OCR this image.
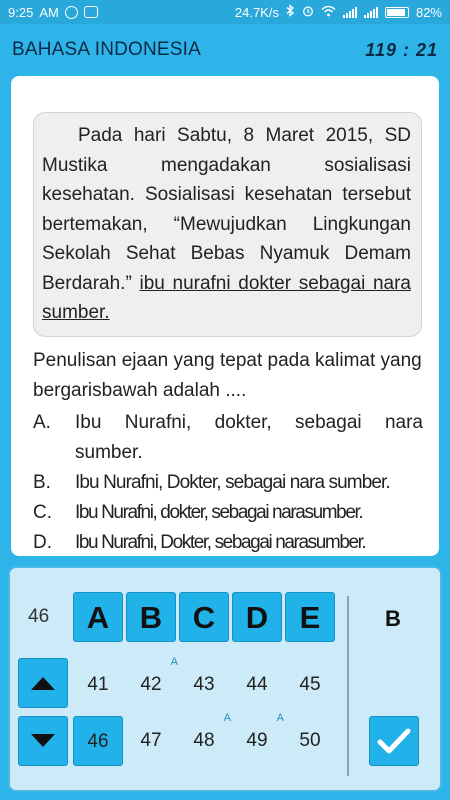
9:25 AM	24.7K/s	82%
BAHASA INDONESIA	119 : 21
Pada hari Sabtu, 8 Maret 2015, SD Mustika mengadakan sosialisasi kesehatan. Sosialisasi kesehatan tersebut bertemakan, “Mewujudkan Lingkungan Sekolah Sehat Bebas Nyamuk Demam Berdarah.” ibu nurafni dokter sebagai nara sumber.
Penulisan ejaan yang tepat pada kalimat yang bergarisbawah adalah ....
A.	Ibu Nurafni, dokter, sebagai nara sumber.
B.	Ibu Nurafni, Dokter, sebagai nara sumber.
C.	Ibu Nurafni, dokter, sebagai narasumber.
D.	Ibu Nurafni, Dokter, sebagai narasumber.
46	A B C D	E	B
41	42
A
43	44	45
46	47	48
A
49
A
50
